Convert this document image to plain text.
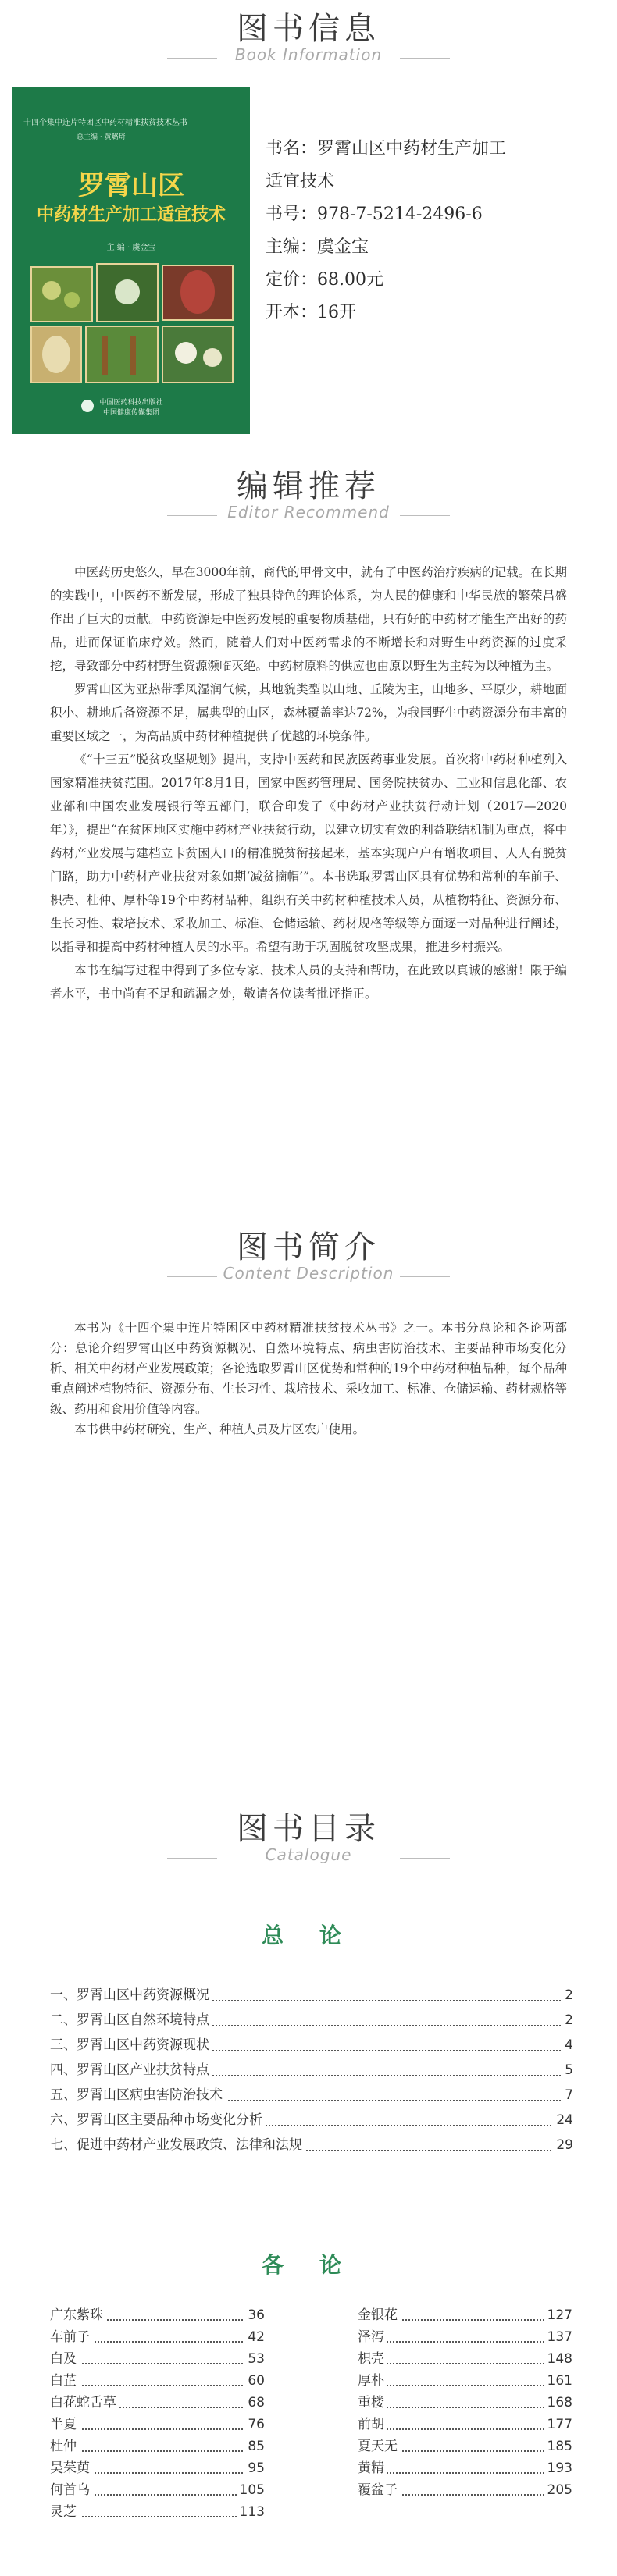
图书信息
Book Information
十四个集中连片特困区中药材精准扶贫技术丛书
总主编 · 黄璐琦
罗霄山区
中药材生产加工适宜技术
主 编 · 虞金宝
中国医药科技出版社
中国健康传媒集团
书名：罗霄山区中药材生产加工
适宜技术
书号：978-7-5214-2496-6
主编：虞金宝
定价：68.00元
开本：16开
编辑推荐
Editor Recommend

中医药历史悠久，早在3000年前，商代的甲骨文中，就有了中医药治疗疾病的记载。在长期的实践中，中医药不断发展，形成了独具特色的理论体系，为人民的健康和中华民族的繁荣昌盛作出了巨大的贡献。中药资源是中医药发展的重要物质基础，只有好的中药材才能生产出好的药品，进而保证临床疗效。然而，随着人们对中医药需求的不断增长和对野生中药资源的过度采挖，导致部分中药材野生资源濒临灭绝。中药材原料的供应也由原以野生为主转为以种植为主。

罗霄山区为亚热带季风湿润气候，其地貌类型以山地、丘陵为主，山地多、平原少，耕地面积小、耕地后备资源不足，属典型的山区，森林覆盖率达72%，为我国野生中药资源分布丰富的重要区域之一，为高品质中药材种植提供了优越的环境条件。

《“十三五”脱贫攻坚规划》提出，支持中医药和民族医药事业发展。首次将中药材种植列入国家精准扶贫范围。2017年8月1日，国家中医药管理局、国务院扶贫办、工业和信息化部、农业部和中国农业发展银行等五部门，联合印发了《中药材产业扶贫行动计划（2017—2020年）》，提出“在贫困地区实施中药材产业扶贫行动，以建立切实有效的利益联结机制为重点，将中药材产业发展与建档立卡贫困人口的精准脱贫衔接起来，基本实现户户有增收项目、人人有脱贫门路，助力中药材产业扶贫对象如期‘减贫摘帽’”。本书选取罗霄山区具有优势和常种的车前子、枳壳、杜仲、厚朴等19个中药材品种，组织有关中药材种植技术人员，从植物特征、资源分布、生长习性、栽培技术、采收加工、标准、仓储运输、药材规格等级等方面逐一对品种进行阐述，以指导和提高中药材种植人员的水平。希望有助于巩固脱贫攻坚成果，推进乡村振兴。

本书在编写过程中得到了多位专家、技术人员的支持和帮助，在此致以真诚的感谢！限于编者水平，书中尚有不足和疏漏之处，敬请各位读者批评指正。

图书简介
Content Description

本书为《十四个集中连片特困区中药材精准扶贫技术丛书》之一。本书分总论和各论两部分：总论介绍罗霄山区中药资源概况、自然环境特点、病虫害防治技术、主要品种市场变化分析、相关中药材产业发展政策；各论选取罗霄山区优势和常种的19个中药材种植品种，每个品种重点阐述植物特征、资源分布、生长习性、栽培技术、采收加工、标准、仓储运输、药材规格等级、药用和食用价值等内容。

本书供中药材研究、生产、种植人员及片区农户使用。

图书目录
Catalogue
总 论
一、罗霄山区中药资源概况	2
二、罗霄山区自然环境特点	2
三、罗霄山区中药资源现状	4
四、罗霄山区产业扶贫特点	5
五、罗霄山区病虫害防治技术	7
六、罗霄山区主要品种市场变化分析	24
七、促进中药材产业发展政策、法律和法规	29
各 论
广东紫珠	36
车前子	42
白及	53
白芷	60
白花蛇舌草	68
半夏	76
杜仲	85
吴茱萸	95
何首乌	105
灵芝	113
金银花	127
泽泻	137
枳壳	148
厚朴	161
重楼	168
前胡	177
夏天无	185
黄精	193
覆盆子	205
